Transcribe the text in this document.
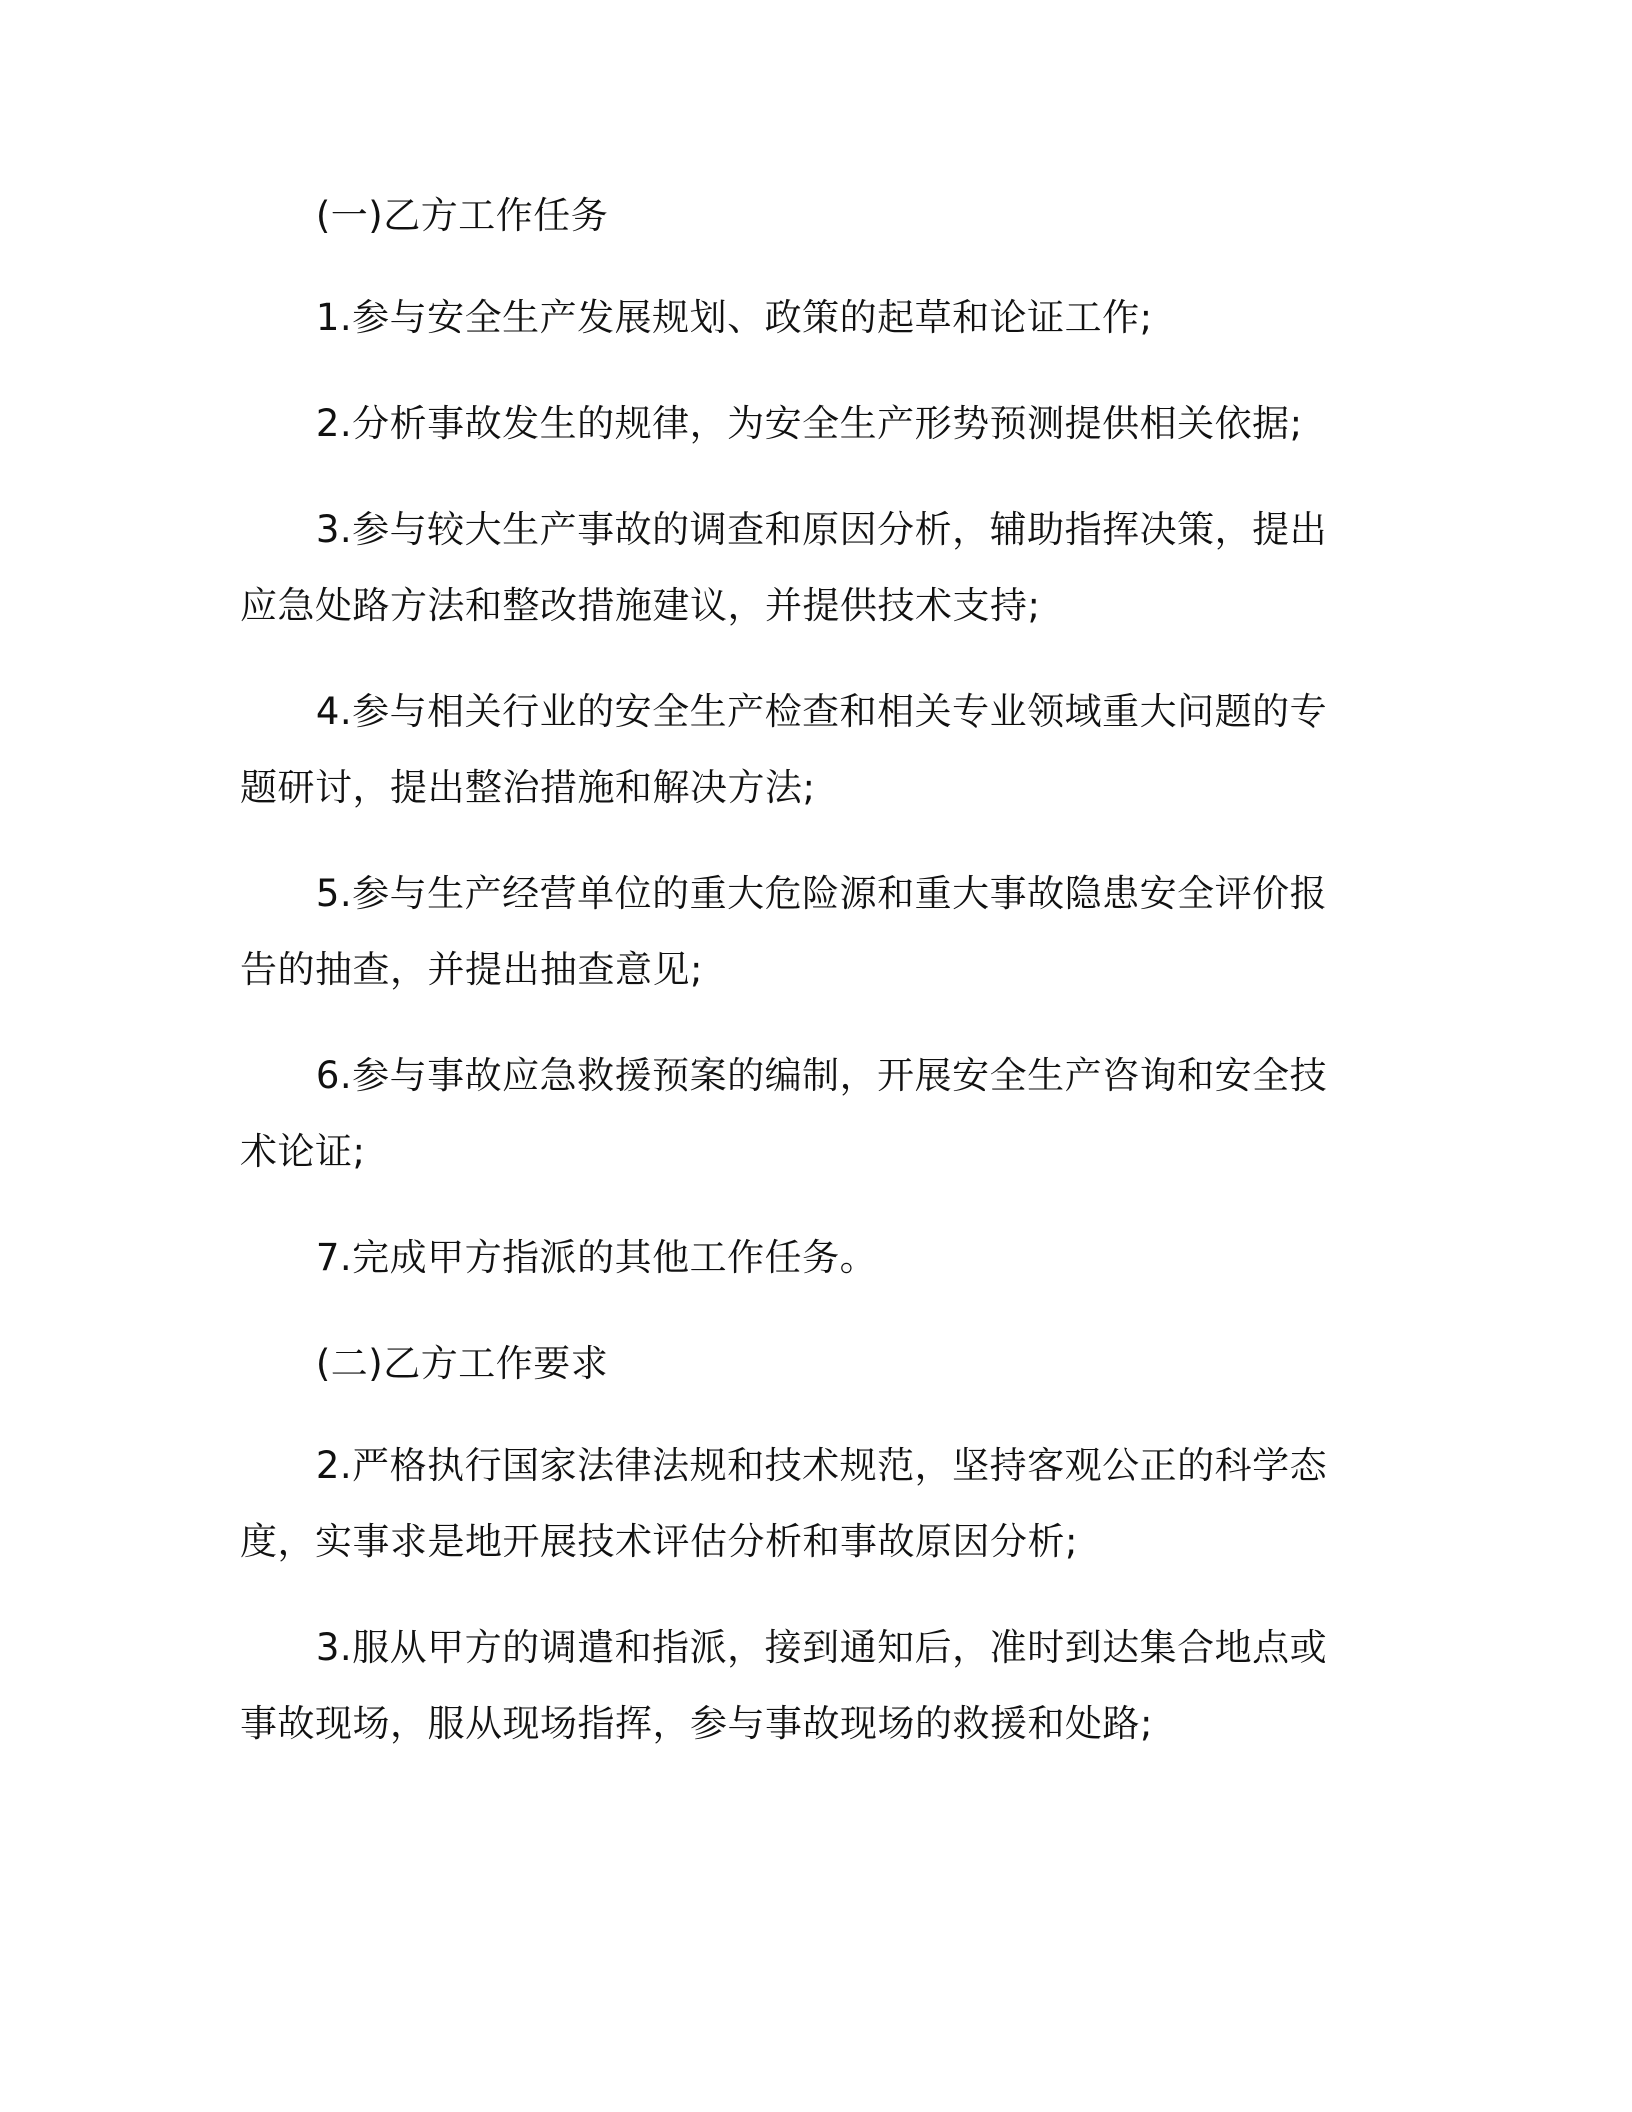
(一)乙方工作任务

1.参与安全生产发展规划、政策的起草和论证工作;

2.分析事故发生的规律，为安全生产形势预测提供相关依据;

3.参与较大生产事故的调查和原因分析，辅助指挥决策，提出应急处路方法和整改措施建议，并提供技术支持;

4.参与相关行业的安全生产检查和相关专业领域重大问题的专题研讨，提出整治措施和解决方法;

5.参与生产经营单位的重大危险源和重大事故隐患安全评价报告的抽查，并提出抽查意见;

6.参与事故应急救援预案的编制，开展安全生产咨询和安全技术论证;

7.完成甲方指派的其他工作任务。

(二)乙方工作要求

2.严格执行国家法律法规和技术规范，坚持客观公正的科学态度，实事求是地开展技术评估分析和事故原因分析;

3.服从甲方的调遣和指派，接到通知后，准时到达集合地点或事故现场，服从现场指挥，参与事故现场的救援和处路;
